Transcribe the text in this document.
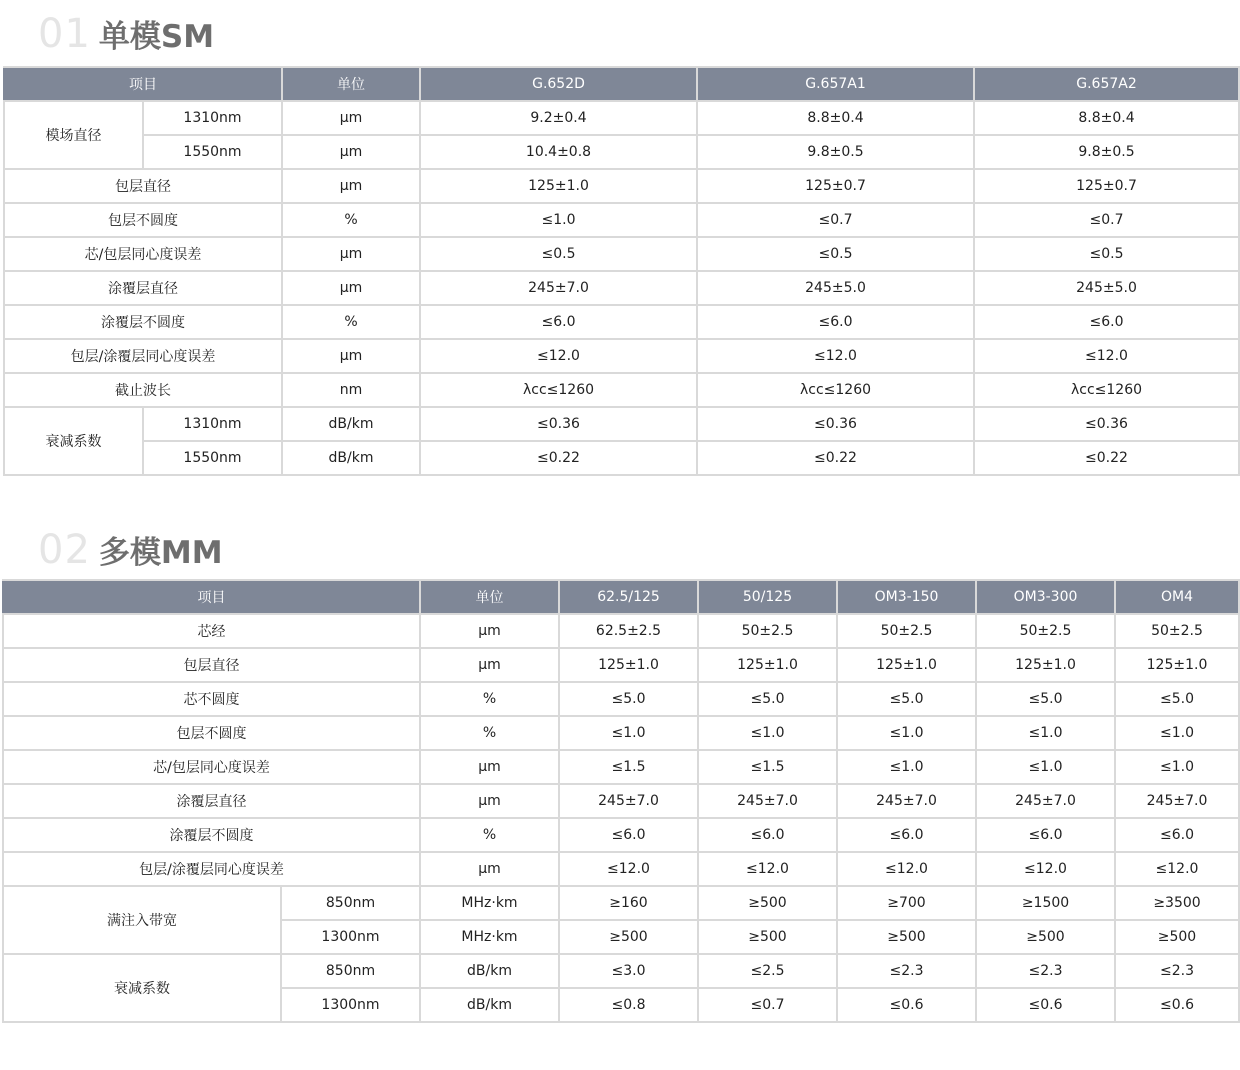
01 单模SM
项目		单位	G.652D	G.657A1	G.657A2
模场直径	1310nm	μm	9.2±0.4	8.8±0.4	8.8±0.4
	1550nm	μm	10.4±0.8	9.8±0.5	9.8±0.5
包层直径		μm	125±1.0	125±0.7	125±0.7
包层不圆度		%	≤1.0	≤0.7	≤0.7
芯/包层同心度误差		μm	≤0.5	≤0.5	≤0.5
涂覆层直径		μm	245±7.0	245±5.0	245±5.0
涂覆层不圆度		%	≤6.0	≤6.0	≤6.0
包层/涂覆层同心度误差		μm	≤12.0	≤12.0	≤12.0
截止波长		nm	λcc≤1260	λcc≤1260	λcc≤1260
衰减系数	1310nm	dB/km	≤0.36	≤0.36	≤0.36
	1550nm	dB/km	≤0.22	≤0.22	≤0.22
02 多模MM
项目		单位	62.5/125	50/125	OM3-150	OM3-300	OM4
芯经		μm	62.5±2.5	50±2.5	50±2.5	50±2.5	50±2.5
包层直径		μm	125±1.0	125±1.0	125±1.0	125±1.0	125±1.0
芯不圆度		%	≤5.0	≤5.0	≤5.0	≤5.0	≤5.0
包层不圆度		%	≤1.0	≤1.0	≤1.0	≤1.0	≤1.0
芯/包层同心度误差		μm	≤1.5	≤1.5	≤1.0	≤1.0	≤1.0
涂覆层直径		μm	245±7.0	245±7.0	245±7.0	245±7.0	245±7.0
涂覆层不圆度		%	≤6.0	≤6.0	≤6.0	≤6.0	≤6.0
包层/涂覆层同心度误差		μm	≤12.0	≤12.0	≤12.0	≤12.0	≤12.0
满注入带宽	850nm	MHz·km	≥160	≥500	≥700	≥1500	≥3500
	1300nm	MHz·km	≥500	≥500	≥500	≥500	≥500
衰减系数	850nm	dB/km	≤3.0	≤2.5	≤2.3	≤2.3	≤2.3
	1300nm	dB/km	≤0.8	≤0.7	≤0.6	≤0.6	≤0.6
